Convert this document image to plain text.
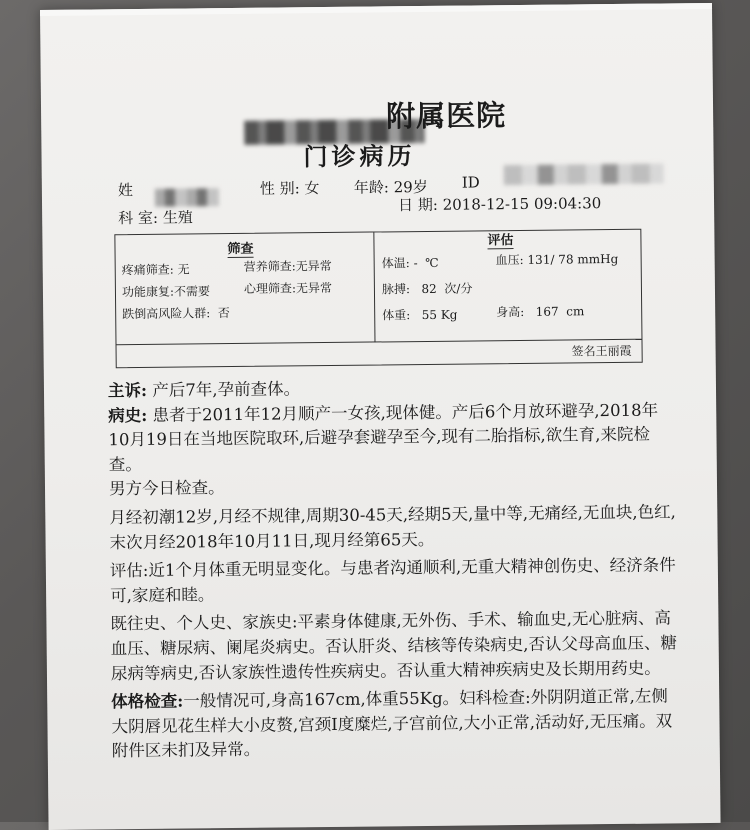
附属医院
门诊病历
姓	性 别: 女 年龄: 29岁 ID
科 室: 生殖
日 期: 2018-12-15 09:04:30
筛查
评估
疼痛筛查: 无	营养筛查:无异常
功能康复:不需要	心理筛查:无异常
跌倒高风险人群: 否
体温: - ℃	血压: 131/ 78 mmHg
脉搏:   82 次/分
体重:   55 Kg	身高:   167  cm
签名王丽霞

主诉: 产后7年,孕前查体。

病史: 患者于2011年12月顺产一女孩,现体健。产后6个月放环避孕,2018年10月19日在当地医院取环,后避孕套避孕至今,现有二胎指标,欲生育,来院检查。

男方今日检查。

月经初潮12岁,月经不规律,周期30-45天,经期5天,量中等,无痛经,无血块,色红,末次月经2018年10月11日,现月经第65天。

评估:近1个月体重无明显变化。与患者沟通顺利,无重大精神创伤史、经济条件可,家庭和睦。

既往史、个人史、家族史:平素身体健康,无外伤、手术、输血史,无心脏病、高血压、糖尿病、阑尾炎病史。否认肝炎、结核等传染病史,否认父母高血压、糖尿病等病史,否认家族性遗传性疾病史。否认重大精神疾病史及长期用药史。

体格检查:一般情况可,身高167cm,体重55Kg。妇科检查:外阴阴道正常,左侧大阴唇见花生样大小皮赘,宫颈I度糜烂,子宫前位,大小正常,活动好,无压痛。双附件区未扪及异常。
